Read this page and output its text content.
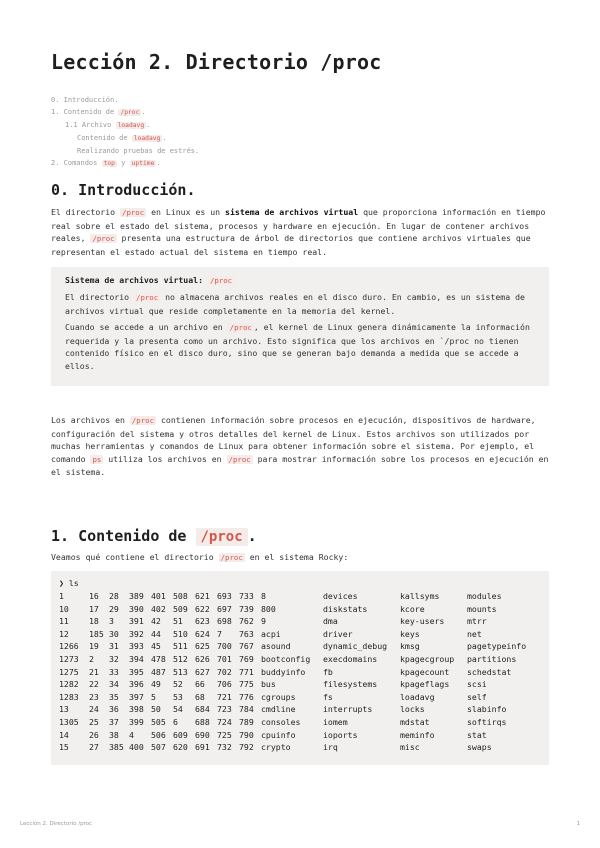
Lección 2. Directorio /proc
0. Introducción.
1. Contenido de /proc .
1.1 Archivo loadavg .
Contenido de loadavg .
Realizando pruebas de estrés.
2. Comandos top y uptime .
0. Introducción.

El directorio /proc en Linux es un sistema de archivos virtual que proporciona información en tiempo real sobre el estado del sistema, procesos y hardware en ejecución. En lugar de contener archivos reales, /proc presenta una estructura de árbol de directorios que contiene archivos virtuales que representan el estado actual del sistema en tiempo real.

Sistema de archivos virtual: /proc

El directorio /proc no almacena archivos reales en el disco duro. En cambio, es un sistema de archivos virtual que reside completamente en la memoria del kernel.

Cuando se accede a un archivo en /proc , el kernel de Linux genera dinámicamente la información requerida y la presenta como un archivo. Esto significa que los archivos en `/proc no tienen contenido físico en el disco duro, sino que se generan bajo demanda a medida que se accede a ellos.

Los archivos en /proc contienen información sobre procesos en ejecución, dispositivos de hardware, configuración del sistema y otros detalles del kernel de Linux. Estos archivos son utilizados por muchas herramientas y comandos de Linux para obtener información sobre el sistema. Por ejemplo, el comando ps utiliza los archivos en /proc para mostrar información sobre los procesos en ejecución en el sistema.

1. Contenido de /proc .

Veamos qué contiene el directorio /proc en el sistema Rocky:

❯ ls
1	16	28	389	401	508	621	693	733	8	devices	kallsyms	modules
10	17	29	390	402	509	622	697	739	800	diskstats	kcore	mounts
11	18	3	391	42	51	623	698	762	9	dma	key-users	mtrr
12	185	30	392	44	510	624	7	763	acpi	driver	keys	net
1266	19	31	393	45	511	625	700	767	asound	dynamic_debug	kmsg	pagetypeinfo
1273	2	32	394	478	512	626	701	769	bootconfig	execdomains	kpagecgroup	partitions
1275	21	33	395	487	513	627	702	771	buddyinfo	fb	kpagecount	schedstat
1282	22	34	396	49	52	66	706	775	bus	filesystems	kpageflags	scsi
1283	23	35	397	5	53	68	721	776	cgroups	fs	loadavg	self
13	24	36	398	50	54	684	723	784	cmdline	interrupts	locks	slabinfo
1305	25	37	399	505	6	688	724	789	consoles	iomem	mdstat	softirqs
14	26	38	4	506	609	690	725	790	cpuinfo	ioports	meminfo	stat
15	27	385	400	507	620	691	732	792	crypto	irq	misc	swaps
Lección 2. Directorio /proc	1
